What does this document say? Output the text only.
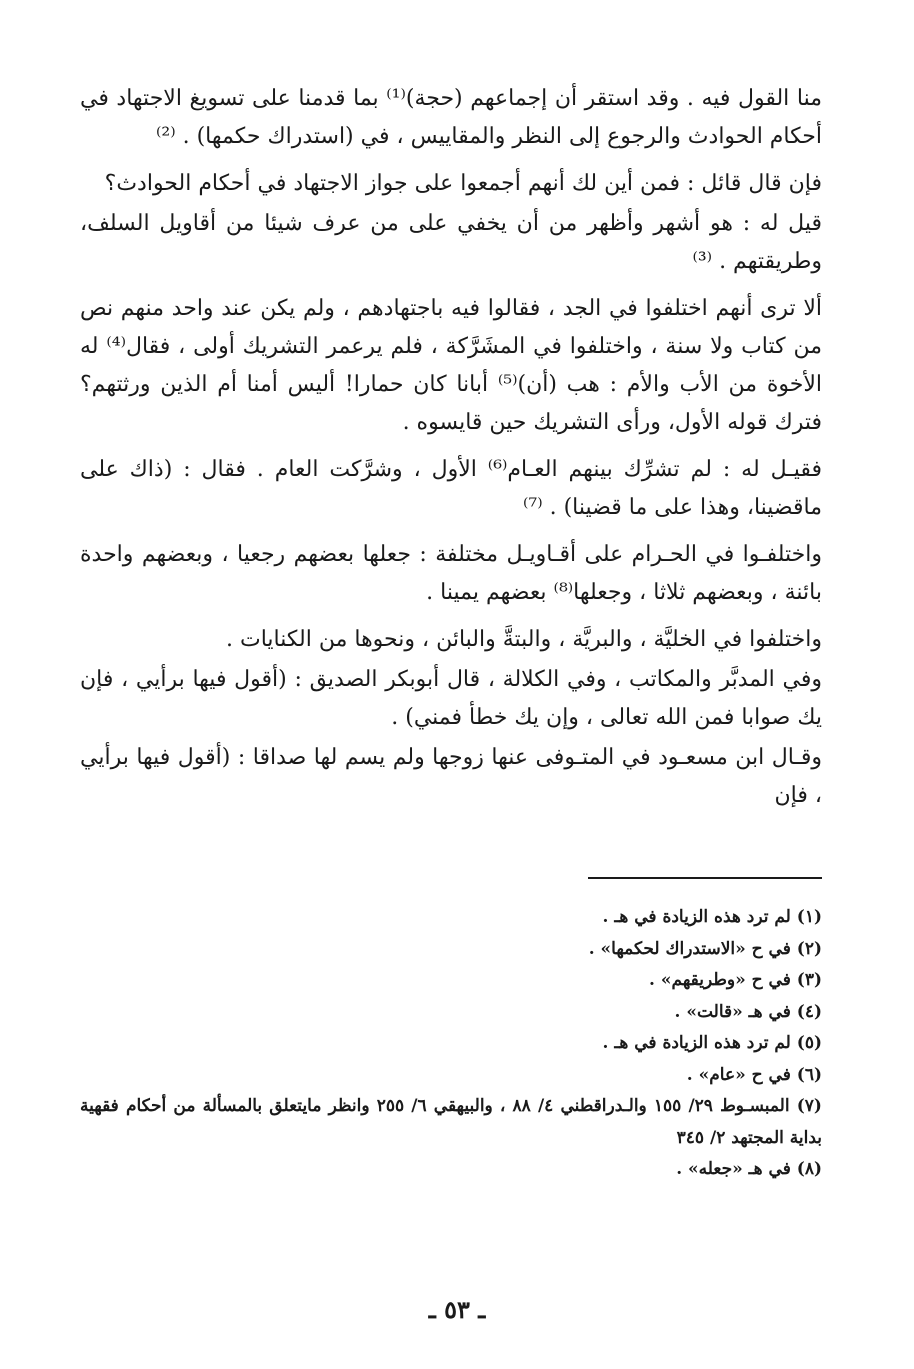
منا القول فيه . وقد استقر أن إجماعهم (حجة)⁽¹⁾ بما قدمنا على تسويغ الاجتهاد في أحكام الحوادث والرجوع إلى النظر والمقاييس ، في (استدراك حكمها) . ⁽²⁾

فإن قال قائل : فمن أين لك أنهم أجمعوا على جواز الاجتهاد في أحكام الحوادث؟

قيل له : هو أشهر وأظهر من أن يخفي على من عرف شيئا من أقاويل السلف، وطريقتهم . ⁽³⁾

ألا ترى أنهم اختلفوا في الجد ، فقالوا فيه باجتهادهم ، ولم يكن عند واحد منهم نص من كتاب ولا سنة ، واختلفوا في المشَرَّكة ، فلم يرعمر التشريك أولى ، فقال⁽⁴⁾ له الأخوة من الأب والأم : هب (أن)⁽⁵⁾ أبانا كان حمارا! أليس أمنا أم الذين ورثتهم؟ فترك قوله الأول، ورأى التشريك حين قايسوه .

فقيـل له : لم تشرِّك بينهم العـام⁽⁶⁾ الأول ، وشرَّكت العام . فقال : (ذاك على ماقضينا، وهذا على ما قضينا) . ⁽⁷⁾

واختلفـوا في الحـرام على أقـاويـل مختلفة : جعلها بعضهم رجعيا ، وبعضهم واحدة بائنة ، وبعضهم ثلاثا ، وجعلها⁽⁸⁾ بعضهم يمينا .

واختلفوا في الخليَّة ، والبريَّة ، والبتةَّ والبائن ، ونحوها من الكنايات .

وفي المدبَّر والمكاتب ، وفي الكلالة ، قال أبوبكر الصديق : (أقول فيها برأيي ، فإن يك صوابا فمن الله تعالى ، وإن يك خطأ فمني) .

وقـال ابن مسعـود في المتـوفى عنها زوجها ولم يسم لها صداقا : (أقول فيها برأيي ، فإن

(١) لم ترد هذه الزيادة في هـ .

(٢) في ح «الاستدراك لحكمها» .

(٣) في ح «وطريقهم» .

(٤) في هـ «قالت» .

(٥) لم ترد هذه الزيادة في هـ .

(٦) في ح «عام» .

(٧) المبسـوط ٢٩/ ١٥٥ والـدراقطني ٤/ ٨٨ ، والبيهقي ٦/ ٢٥٥ وانظر مايتعلق بالمسألة من أحكام فقهية بداية المجتهد ٢/ ٣٤٥

(٨) في هـ «جعله» .

ـ ٥٣ ـ
